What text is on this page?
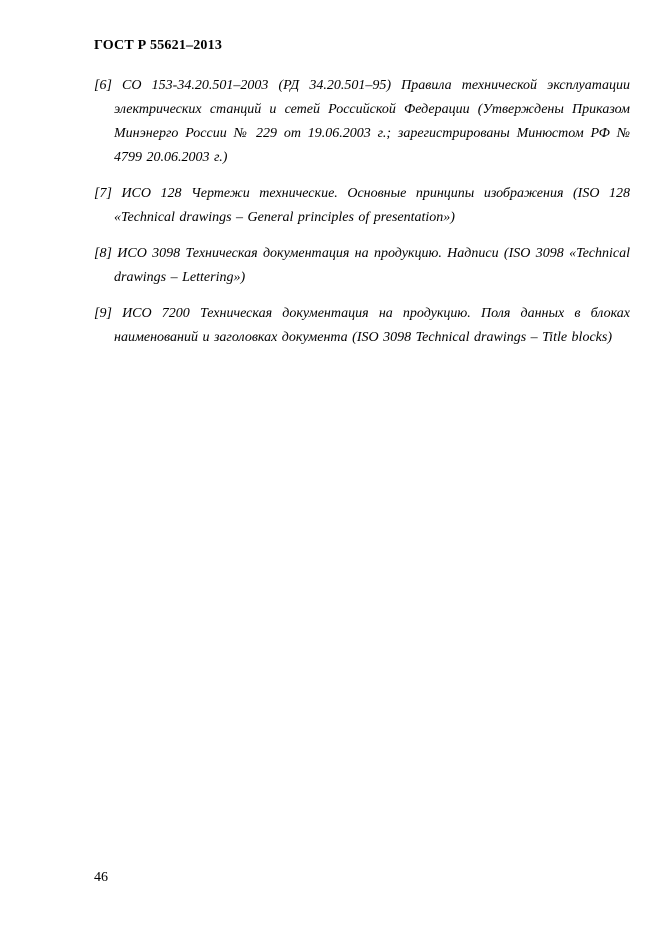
ГОСТ Р 55621–2013

[6] СО 153-34.20.501–2003 (РД 34.20.501–95) Правила технической эксплуатации электрических станций и сетей Российской Федерации (Утверждены Приказом Минэнерго России № 229 от 19.06.2003 г.; зарегистрированы Минюстом РФ № 4799 20.06.2003 г.)

[7] ИСО 128 Чертежи технические. Основные принципы изображения (ISO 128 «Technical drawings – General principles of presentation»)

[8] ИСО 3098 Техническая документация на продукцию. Надписи (ISO 3098 «Technical drawings – Lettering»)

[9] ИСО 7200 Техническая документация на продукцию. Поля данных в блоках наименований и заголовках документа (ISO 3098 Technical drawings – Title blocks)

46
